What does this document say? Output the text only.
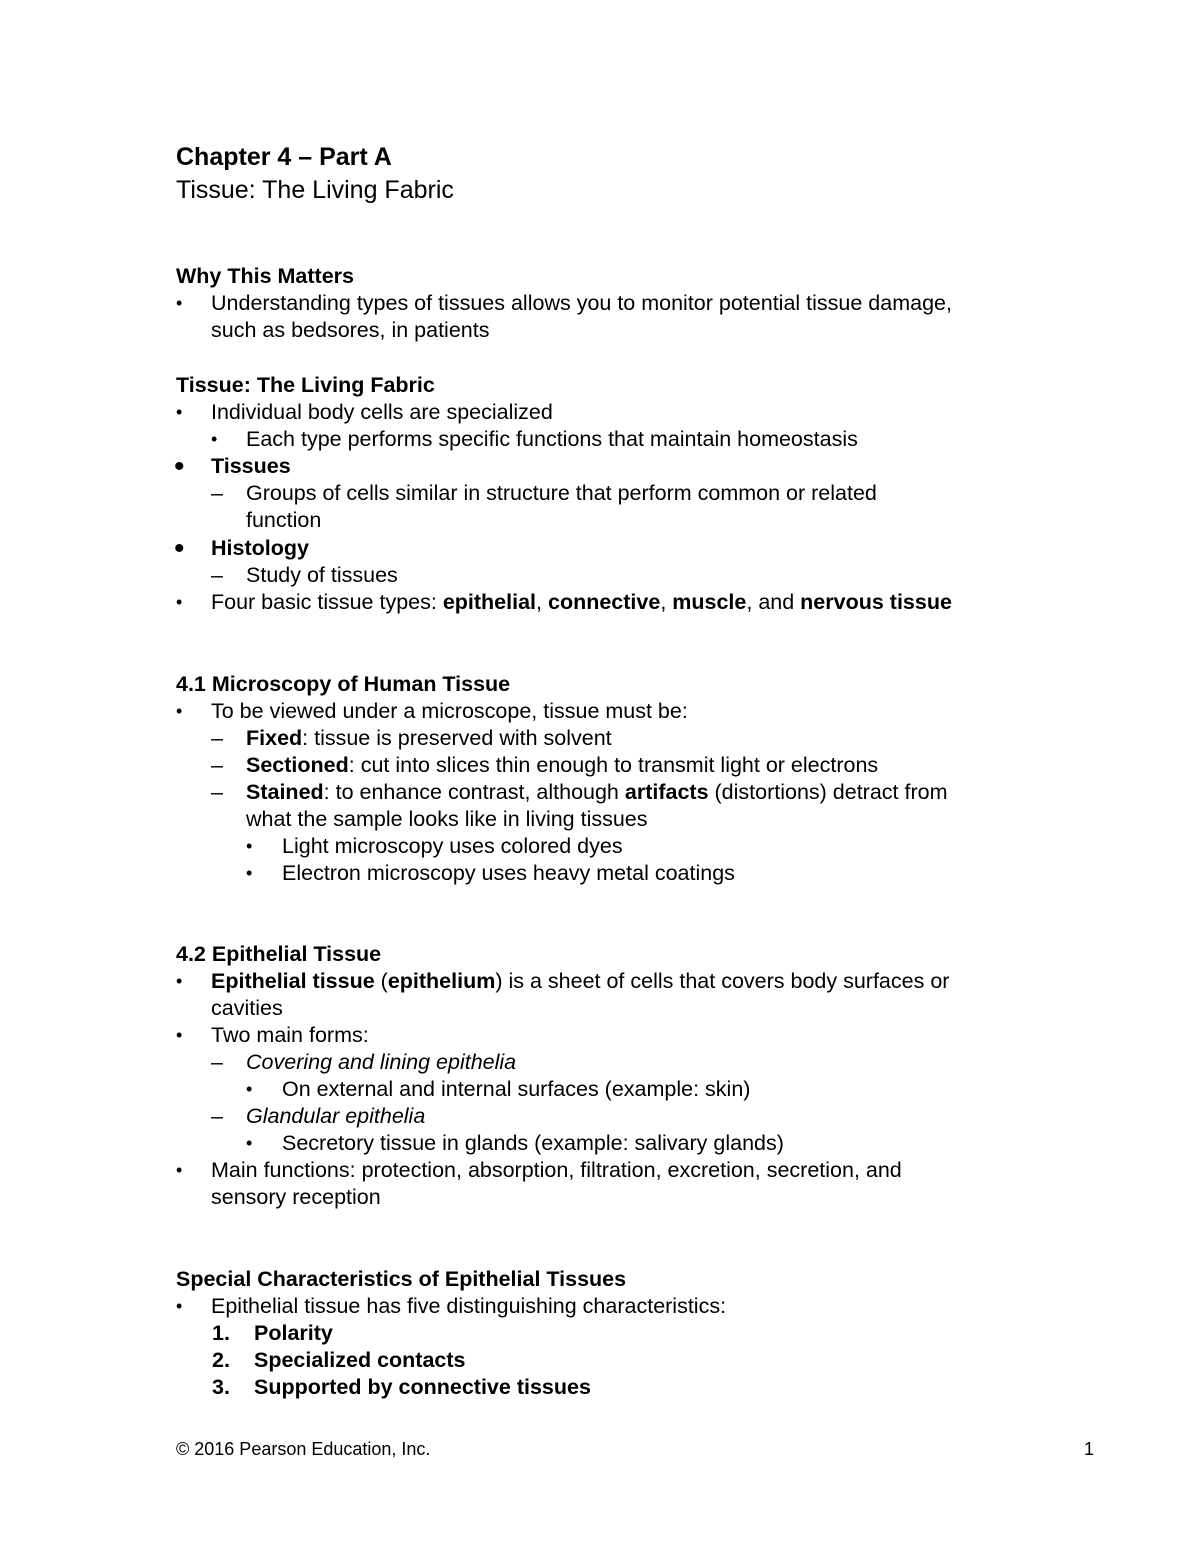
Chapter 4 – Part A
Tissue: The Living Fabric
Why This Matters
• Understanding types of tissues allows you to monitor potential tissue damage,
such as bedsores, in patients
Tissue: The Living Fabric
• Individual body cells are specialized
• Each type performs specific functions that maintain homeostasis
• Tissues
– Groups of cells similar in structure that perform common or related
function
• Histology
– Study of tissues
• Four basic tissue types: epithelial, connective, muscle, and nervous tissue
4.1 Microscopy of Human Tissue
• To be viewed under a microscope, tissue must be:
– Fixed: tissue is preserved with solvent
– Sectioned: cut into slices thin enough to transmit light or electrons
– Stained: to enhance contrast, although artifacts (distortions) detract from
what the sample looks like in living tissues
• Light microscopy uses colored dyes
• Electron microscopy uses heavy metal coatings
4.2 Epithelial Tissue
• Epithelial tissue (epithelium) is a sheet of cells that covers body surfaces or
cavities
• Two main forms:
– Covering and lining epithelia
• On external and internal surfaces (example: skin)
– Glandular epithelia
• Secretory tissue in glands (example: salivary glands)
• Main functions: protection, absorption, filtration, excretion, secretion, and
sensory reception
Special Characteristics of Epithelial Tissues
• Epithelial tissue has five distinguishing characteristics:
1. Polarity
2. Specialized contacts
3. Supported by connective tissues
© 2016 Pearson Education, Inc.	1
